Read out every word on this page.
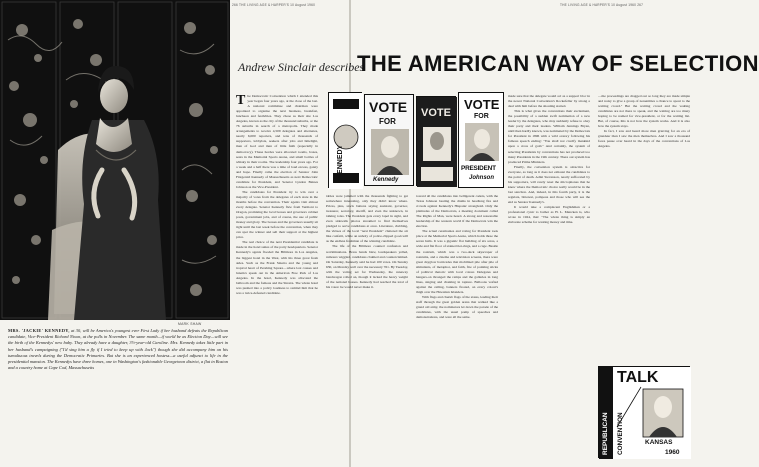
266 THE LIVING AGE & HARPER'S 10 August 1960	THE LIVING AGE & HARPER'S 10 August 1960 267
MARK SHAW
MRS. 'JACKIE' KENNEDY, at 30, will be America's youngest ever First Lady if her husband defeats the Republican candidate, Vice-President Richard Nixon, at the polls in November. The same month—if world be as Election Day—will see the birth of the Kennedys' new baby. They already have a daughter, 3½-year-old Caroline. Mrs. Kennedy takes little part in her husband's campaigning ("I'd sing him a fly if I tried to keep up with Jack") though she did accompany him on his tumultuous travels during the Democratic Primaries. But she is an experienced hostess—a useful adjunct to life in the presidential mansion. The Kennedys have three homes, one in Washington's fashionable Georgetown district, a flat in Boston and a country home at Cape Cod, Massachusetts
Andrew Sinclair describes
THE AMERICAN WAY OF SELECTION

The Democratic Convention which I attended this year began four years ago, at the close of the last. A national committee and chairman were appointed to organise the next business, breakfast, luncheon and festivities. They chose as their site Los Angeles, known as the city of the thousand suburbs, or the 76 suburbs in search of a metropolis. They made arrangements to receive 4,509 delegates and alternates, nearly 6,000 reporters, and tens of thousands of supporters, lobbyists, seekers after jobs and limelight, men of God and men of little faith (especially in democracy). These hordes were allocated rooms, boxes, seats in the Memorial Sports Arena, and small bottles of whisky in their rooms. The leadership four years ago. For a week and a half there was a time of loud excess, gaiety and hope. Finally came the election of Senator John Fitzgerald Kennedy of Massachusetts as next Democratic candidate for President, and Senator Lyndon Baines Johnson as the Vice-President.

The candidates for President try to win over a majority of votes from the delegates of each state in the months before the convention. Their agents visit almost every delegate. Senator Kennedy flew from Vermont to Oregon, promising the local bosses and governors cabinet posts, government jobs, and of course, the use of public money and glory. The bosses and the governors usually sit tight until the last week before the convention, when they can spot the winner and sell their support at the highest price.

The real choice of the next Presidential candidate is made in the hotel suites of the party headquarters. Senator Kennedy's agents flooded the Biltmore in Los Angeles, the biggest hotel in the West, with his three great fresh aides. Such as the Frank Sinatra and the young and tropical heart of Pershing Square—where lost causes and lunatics speak out in the American Free Park of Los Angeles. In the hotel, Kennedy was allocated the ballroom and the famous and the Sinatra. The whole hotel was pushed into a policy loudness to remind him that he was a twice-defeated candidate.

tables were jammed with the thousands fighting to get somewhere interesting, only they didn't know where. Prices, pins, stock buttons saying assistant, governor, treasurer, secretary, sheriff, and even the unknown, in talking roles. The President gets every lapel in sight, and even sidewalk photos streamed to find themselves pledged to serve candidates at once. Literature, clubbing, the virtues of the local "next President" cluttered the air like confetti, while an unholy of police-clipped good-will as the endless freshman of the winning candidate.

The life of the Biltmore counted confusion and recriminations. Brass bands blew, loudspeakers yelled, rumours wiggled, candidates claimed and counterclaimed. On Saturday, Kennedy said he had 100 votes. On Sunday 630, on Monday well over the necessary 761. By Tuesday, with the voting set for Wednesday, the runaway bandwagon rolled on, though it lacked the heavy weight of the national bosses. Kennedy had reached the total of his votes: he would never make it.

toward all the candidates into belligerent cadets, with the Texas Johnson beating the drums in headlong fire and crowds against Kennedy's Hispanic stronghold. Only the platitudes of the Democrats, a meeting document called The Rights of Man, were heard. A strong and reasonable leadership of the western world if the Democrats win the election.

The actual ceremonies and voting for President took place at the Memorial Sports Arena, which holds three the seven halls. It was a gigantic flat building of six acres, a wide and flat floor of stained tier-rings, and a cage. Beside the rostrum, which was a two-deck skyscraper of rostrums, and a cinema and television screens, there were great dayglow barricades that mobilized pile after pile of stimulants, of metaphor, and faith, fire of pointing sticks of political rhetoric with local colour. Delegates and hangers-on thronged the ramps and the galleries in long lines, singing and chanting in rapture. Balloons wafted against the ceiling, banners floated, on every colour's thigh over the Hawaiian Islanders.

With flags and cherub flags of the states, leading their staff through the great golden arena that walked like a grand old army, the nominators let down the parade of the candidates, with the usual pomp of speeches and demonstrations, and were all the same.

made sure that the delegate would act as a support bloc in the newer National Convention's Rockefeller by strong a deal with him before the shouting started.

This is what gives the conventions their excitement, the possibility of a sudden swift nomination of a new leader by the delegates, who may suddenly refuse to obey their party and their leaders. William Jennings Bryan, until then hardly known, was nominated by the Democrats for President in 1896 with a wild oratory following his famous speech ending: "You shall not crucify mankind upon a cross of gold." And certainly, the system of selecting Presidents by conventions has not produced too many Presidents in the 19th century. There our system has produced Prime Ministers.

Finally, the convention system is attractive for everyone, as long as it does not exhaust the candidates to the point of death. Adlai Stevenson, nearly suffocated by his supporters, will rarely reset the microphones that he knew where the Democratic choice really would be in the last sanction. And, indeed, in this fourth party, it is the regulars, bitterest, pompous and those who will see the end as Senator Kennedy's.

It would take a complacent Englishman or a professional cynic to bother as H. L. Mencken is, who wrote in 1924, that: "The whole thing is simply an elaborate scheme for wasting money and time.

—the proceedings are dragged out so long they are made simple and noisy to give a group of nonentities a chance to spout to the waiting crowd." But the waiting crowd and the waiting candidates are not there to speak, and the waiting are too many hoping to be named for vice-president, or for the waiting list. But, of course, this is not how the system works. And it is also how the system stays.

In fact, I saw and heard more men grieving for an era of grandeur than I saw the men themselves. And I saw a thousand faces pause over heard in the days of the conventions of Los Angeles.

KENNEDY
VOTE
FOR
Kennedy
VOTE
VOTE
FOR
PRESIDENT
Johnson
TALK
REPUBLICAN CONVENTION	KANSAS
1960
